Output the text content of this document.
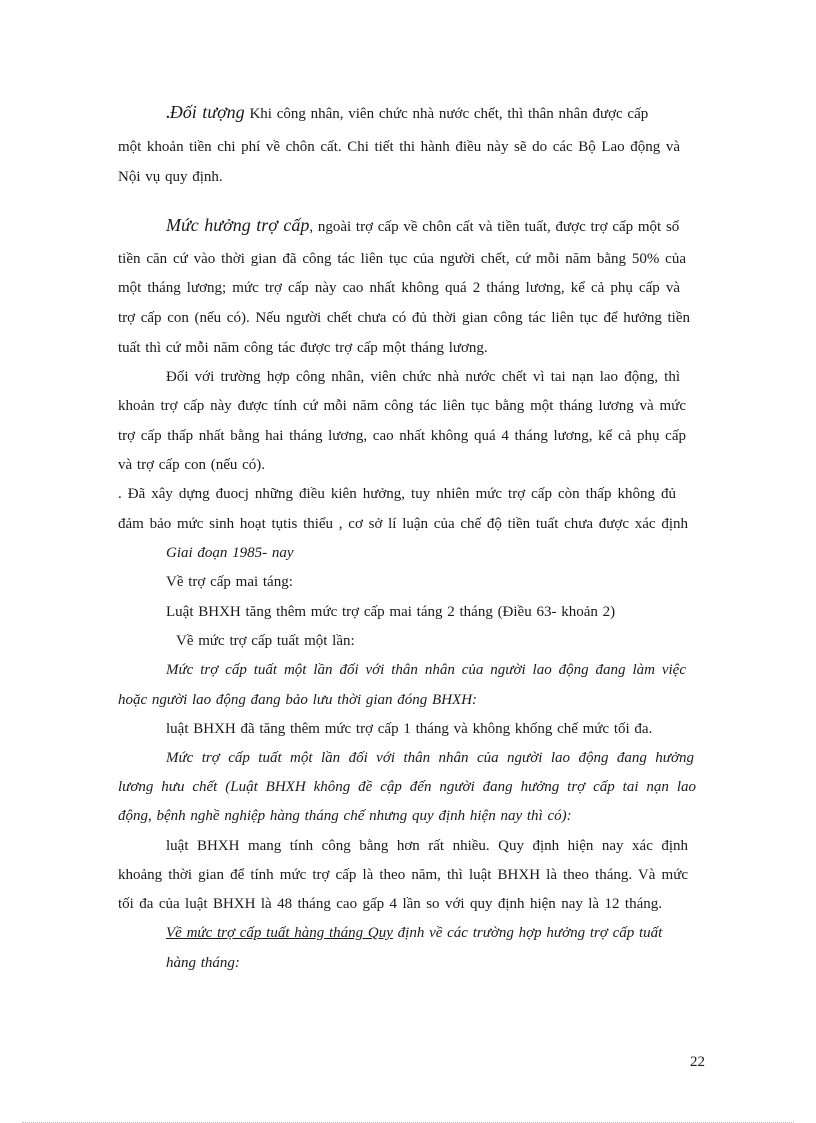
.Đối tượng Khi công nhân, viên chức nhà nước chết, thì thân nhân được cấp
một khoản tiền chi phí về chôn cất. Chi tiết thi hành điều này sẽ do các Bộ Lao động và
Nội vụ quy định.
Mức hưởng trợ cấp, ngoài trợ cấp về chôn cất và tiền tuất, được trợ cấp một số
tiền căn cứ vào thời gian đã công tác liên tục của người chết, cứ mỗi năm bằng 50% của
một tháng lương; mức trợ cấp này cao nhất không quá 2 tháng lương, kể cả phụ cấp và
trợ cấp con (nếu có). Nếu người chết chưa có đủ thời gian công tác liên tục để hưởng tiền
tuất thì cứ mỗi năm công tác được trợ cấp một tháng lương.
Đối với trường hợp công nhân, viên chức nhà nước chết vì tai nạn lao động, thì
khoản trợ cấp này được tính cứ mỗi năm công tác liên tục bằng một tháng lương và mức
trợ cấp thấp nhất bằng hai tháng lương, cao nhất không quá 4 tháng lương, kể cả phụ cấp
và trợ cấp con (nếu có).
. Đã xây dựng đuocj những điều kiên hưởng, tuy nhiên mức trợ cấp còn thấp không đủ
đảm bảo mức sinh hoạt tụtis thiểu , cơ sở lí luận của chế độ tiền tuất chưa được xác định
Giai đoạn 1985- nay
Về trợ cấp mai táng:
Luật BHXH tăng thêm mức trợ cấp mai táng 2 tháng (Điều 63- khoản 2)
Về mức trợ cấp tuất một lần:
Mức trợ cấp tuất một lần đối với thân nhân của người lao động đang làm việc
hoặc người lao động đang bảo lưu thời gian đóng BHXH:
luật BHXH đã tăng thêm mức trợ cấp 1 tháng và không khống chế mức tối đa.
Mức trợ cấp tuất một lần đối với thân nhân của người lao động đang hưởng
lương hưu chết (Luật BHXH không đề cập đến người đang hưởng trợ cấp tai nạn lao
động, bệnh nghề nghiệp hàng tháng chế nhưng quy định hiện nay thì có):
luật BHXH mang tính công bằng hơn rất nhiều. Quy định hiện nay xác định
khoảng thời gian để tính mức trợ cấp là theo năm, thì luật BHXH là theo tháng. Và mức
tối đa của luật BHXH là 48 tháng cao gấp 4 lần so với quy định hiện nay là 12 tháng.
Về mức trợ cấp tuất hàng tháng Quy định về các trường hợp hưởng trợ cấp tuất
hàng tháng:
22
